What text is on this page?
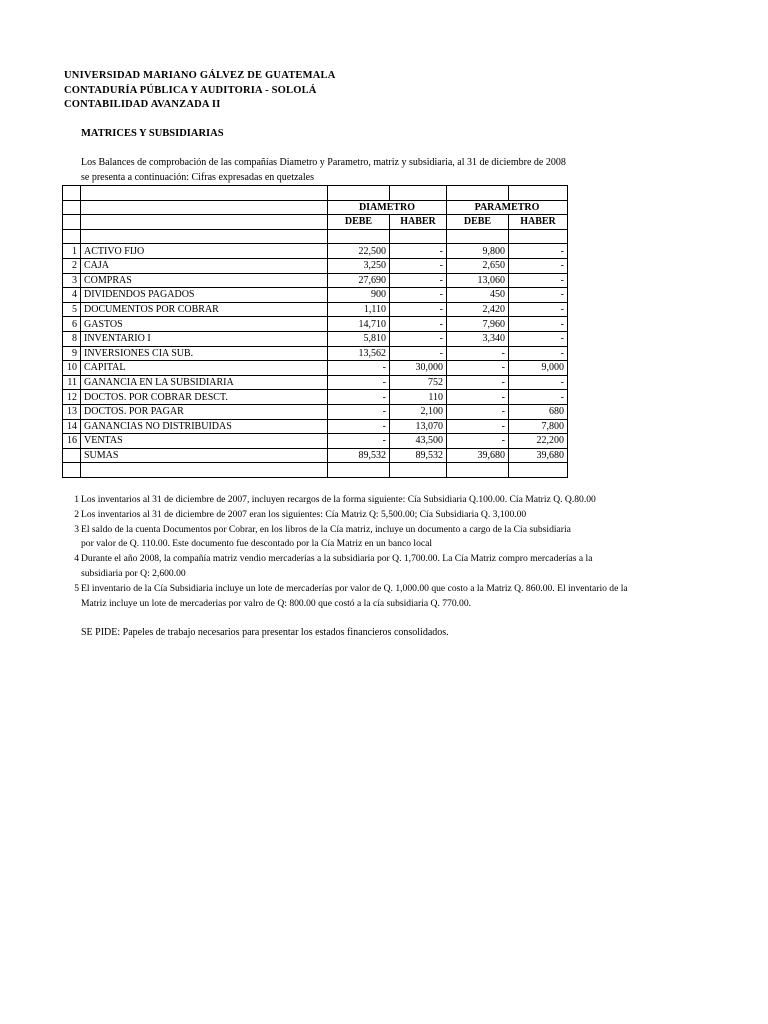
UNIVERSIDAD MARIANO GÁLVEZ DE GUATEMALA
CONTADURÍA PÚBLICA Y AUDITORIA - SOLOLÁ
CONTABILIDAD AVANZADA II
MATRICES Y SUBSIDIARIAS
Los Balances de comprobación de las compañías Diametro y Parametro, matriz y subsidiaria, al 31 de diciembre de 2008
se presenta a continuación: Cifras expresadas en quetzales

		DIAMETRO		PARAMETRO	
		DEBE	HABER	DEBE	HABER

1	ACTIVO FIJO	22,500	-	9,800	-
2	CAJA	3,250	-	2,650	-
3	COMPRAS	27,690	-	13,060	-
4	DIVIDENDOS PAGADOS	900	-	450	-
5	DOCUMENTOS POR COBRAR	1,110	-	2,420	-
6	GASTOS	14,710	-	7,960	-
8	INVENTARIO I	5,810	-	3,340	-
9	INVERSIONES CIA SUB.	13,562	-	-	-
10	CAPITAL	-	30,000	-	9,000
11	GANANCIA EN LA SUBSIDIARIA	-	752	-	-
12	DOCTOS. POR COBRAR DESCT.	-	110	-	-
13	DOCTOS. POR PAGAR	-	2,100	-	680
14	GANANCIAS NO DISTRIBUIDAS	-	13,070	-	7,800
16	VENTAS	-	43,500	-	22,200
	SUMAS	89,532	89,532	39,680	39,680

1 Los inventarios al 31 de diciembre de 2007, incluyen recargos de la forma siguiente: Cía Subsidiaria Q.100.00. Cía Matriz Q. Q.80.00
2 Los inventarios al 31 de diciembre de 2007 eran los siguientes: Cía Matriz Q: 5,500.00; Cía Subsidiaria Q. 3,100.00
3 El saldo de la cuenta Documentos por Cobrar, en los libros de la Cía matriz, incluye un documento a cargo de la Cía subsidiaria
por valor de Q. 110.00. Este documento fue descontado por la Cía Matriz en un banco local
4 Durante el año 2008, la compañía matriz vendio mercaderías a la subsidiaria por Q. 1,700.00. La Cía Matriz compro mercaderías a la
subsidiaria por Q: 2,600.00
5 El inventario de la Cía Subsidiaria incluye un lote de mercaderías por valor de Q. 1,000.00 que costo a la Matriz Q. 860.00. El inventario de la
Matriz incluye un lote de mercaderias por valro de Q: 800.00 que costó a la cía subsidiaria Q. 770.00.
SE PIDE: Papeles de trabajo necesarios para presentar los estados financieros consolidados.
